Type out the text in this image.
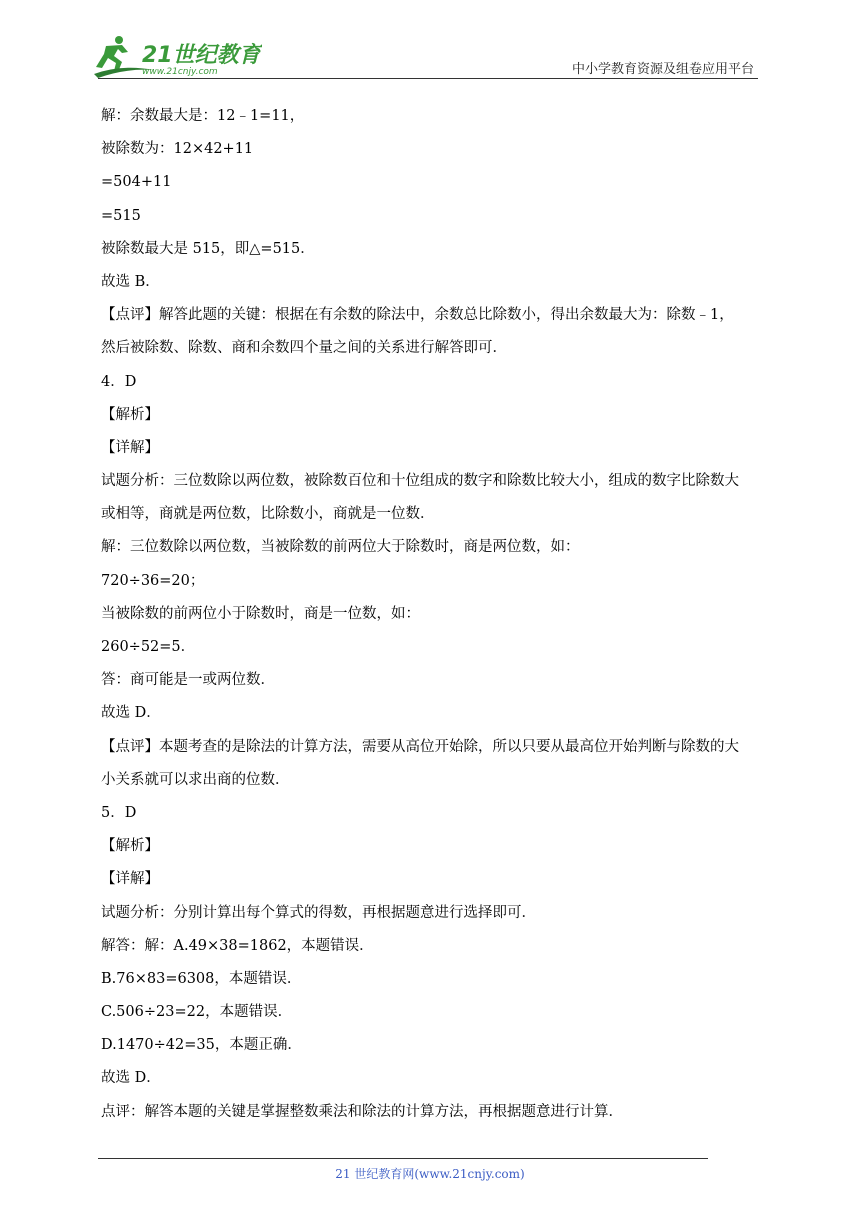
21世纪教育
www.21cnjy.com	中小学教育资源及组卷应用平台
解：余数最大是：12﹣1=11，
被除数为：12×42+11
=504+11
=515
被除数最大是 515，即△=515．
故选 B．
【点评】解答此题的关键：根据在有余数的除法中，余数总比除数小，得出余数最大为：除数﹣1，
然后被除数、除数、商和余数四个量之间的关系进行解答即可．
4．D
【解析】
【详解】
试题分析：三位数除以两位数，被除数百位和十位组成的数字和除数比较大小，组成的数字比除数大
或相等，商就是两位数，比除数小，商就是一位数．
解：三位数除以两位数，当被除数的前两位大于除数时，商是两位数，如：
720÷36=20；
当被除数的前两位小于除数时，商是一位数，如：
260÷52=5．
答：商可能是一或两位数．
故选 D．
【点评】本题考查的是除法的计算方法，需要从高位开始除，所以只要从最高位开始判断与除数的大
小关系就可以求出商的位数．
5．D
【解析】
【详解】
试题分析：分别计算出每个算式的得数，再根据题意进行选择即可．
解答：解：A.49×38=1862，本题错误．
B.76×83=6308，本题错误．
C.506÷23=22，本题错误．
D.1470÷42=35，本题正确．
故选 D．
点评：解答本题的关键是掌握整数乘法和除法的计算方法，再根据题意进行计算．
21 世纪教育网(www.21cnjy.com)
